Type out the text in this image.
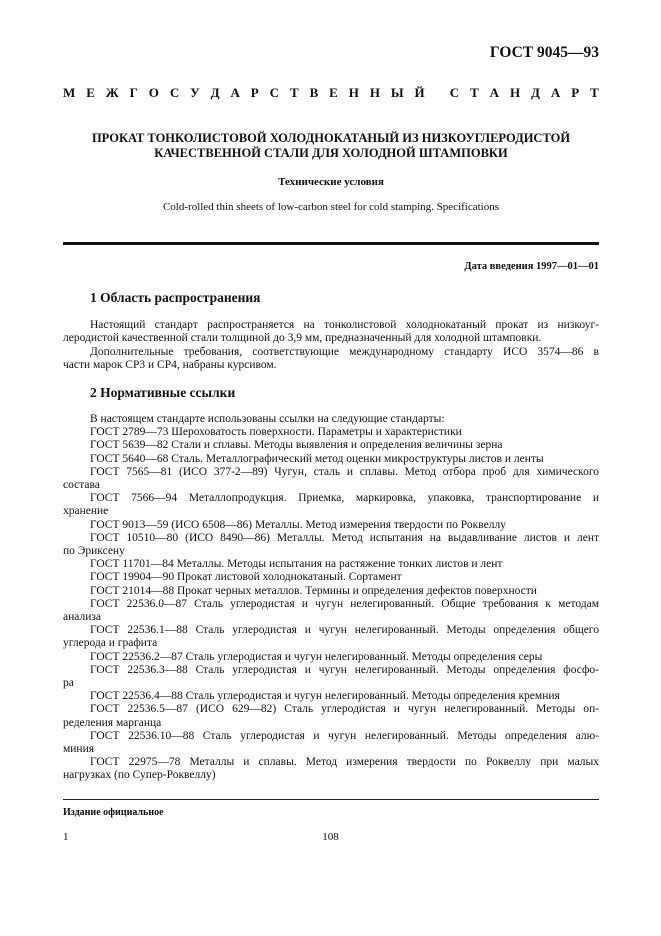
ГОСТ 9045—93
М Е Ж Г О С У Д А Р С Т В Е Н Н Ы Й
С Т А Н Д А Р Т
ПРОКАТ ТОНКОЛИСТОВОЙ ХОЛОДНОКАТАНЫЙ ИЗ НИЗКОУГЛЕРОДИСТОЙ
КАЧЕСТВЕННОЙ СТАЛИ ДЛЯ ХОЛОДНОЙ ШТАМПОВКИ
Технические условия
Cold-rolled thin sheets of low-carbon steel for cold stamping. Specifications
Дата введения 1997—01—01
1 Область распространения
Настоящий стандарт распространяется на тонколистовой холоднокатаный прокат из низкоуг-
леродистой качественной стали толщиной до 3,9 мм, предназначенный для холодной штамповки.
Дополнительные требования, соответствующие международному стандарту ИСО 3574—86 в
части марок СР3 и СР4, набраны курсивом.
2 Нормативные ссылки
В настоящем стандарте использованы ссылки на следующие стандарты:
ГОСТ 2789—73 Шероховатость поверхности. Параметры и характеристики
ГОСТ 5639—82 Стали и сплавы. Методы выявления и определения величины зерна
ГОСТ 5640—68 Сталь. Металлографический метод оценки микроструктуры листов и ленты
ГОСТ 7565—81 (ИСО 377-2—89) Чугун, сталь и сплавы. Метод отбора проб для химического
состава
ГОСТ 7566—94 Металлопродукция. Приемка, маркировка, упаковка, транспортирование и
хранение
ГОСТ 9013—59 (ИСО 6508—86) Металлы. Метод измерения твердости по Роквеллу
ГОСТ 10510—80 (ИСО 8490—86) Металлы. Метод испытания на выдавливание листов и лент
по Эриксену
ГОСТ 11701—84 Металлы. Методы испытания на растяжение тонких листов и лент
ГОСТ 19904—90 Прокат листовой холоднокатаный. Сортамент
ГОСТ 21014—88 Прокат черных металлов. Термины и определения дефектов поверхности
ГОСТ 22536.0—87 Сталь углеродистая и чугун нелегированный. Общие требования к методам
анализа
ГОСТ 22536.1—88 Сталь углеродистая и чугун нелегированный. Методы определения общего
углерода и графита
ГОСТ 22536.2—87 Сталь углеродистая и чугун нелегированный. Методы определения серы
ГОСТ 22536.3—88 Сталь углеродистая и чугун нелегированный. Методы определения фосфо-
ра
ГОСТ 22536.4—88 Сталь углеродистая и чугун нелегированный. Методы определения кремния
ГОСТ 22536.5—87 (ИСО 629—82) Сталь углеродистая и чугун нелегированный. Методы оп-
ределения марганца
ГОСТ 22536.10—88 Сталь углеродистая и чугун нелегированный. Методы определения алю-
миния
ГОСТ 22975—78 Металлы и сплавы. Метод измерения твердости по Роквеллу при малых
нагрузках (по Супер-Роквеллу)
Издание официальное
1	108
